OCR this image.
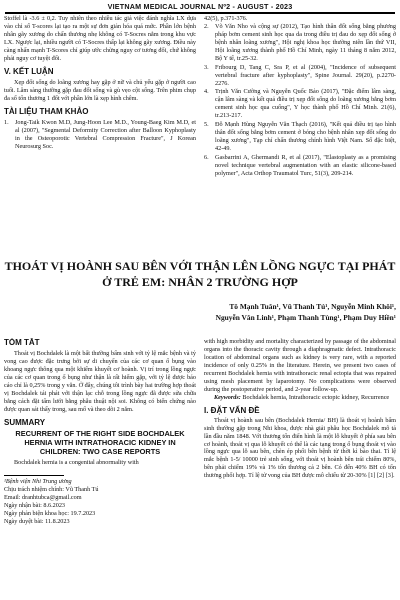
VIETNAM MEDICAL JOURNAL Nº2 - AUGUST - 2023

Stoffel là -3.6 ± 0,2. Tuy nhiên theo nhiều tác giả việc đánh nghĩa LX dựa vào chỉ số T-scores lại tạo ra một sự đơn giản hóa quá mức. Phần lớn bệnh nhân gãy xương do chấn thương nhẹ không có T-Socres nằm trong khu vực LX. Ngược lại, nhiều người có T-Socres thấp lại không gãy xương. Điều này càng nhấn mạnh T-Scores chỉ giúp ước chừng nguy cơ tương đối, chứ không phải nguy cơ tuyệt đối.

V. KẾT LUẬN

Xẹp đốt sống do loãng xương hay gặp ở nữ và chủ yếu gặp ở người cao tuổi. Lâm sàng thường gặp đau đốt sống và gù vẹo cột sống. Trên phim chụp đa số tổn thương 1 đốt với phần lớn là xẹp hình chêm.

TÀI LIỆU THAM KHẢO
1.	Jong-Taik Kwon M.D, Jung-Hoon Lee M.D., Young-Baeg Kim M.D, et al (2007), "Segmental Deformity Correction after Balloon Kyphoplasty in the Osteoporotic Vertebral Compression Fracture", J Korean Neurosurg Soc.

42(5), p.371-376.

2.	Võ Văn Nho và cộng sự (2012), Tạo hình thân đốt sống bằng phương pháp bơm cement sinh học qua da trong điều trị đau do xẹp đốt sống ở bệnh nhân loãng xương", Hội nghị khoa học thường niên lần thứ VII, Hội loãng xương thành phố Hồ Chí Minh, ngày 11 tháng 8 năm 2012, Bộ Y tế, tr.25-32.
3.	Fribourg D, Tang C, Sra P, et al (2004), "Incidence of subsequent vertebral fracture after kyphoplasty", Spine Journal. 29(20), p.2270-2276.
4.	Trịnh Văn Cường và Nguyễn Quốc Bảo (2017), "Đặc điểm lâm sàng, cận lâm sàng và kết quả điều trị xẹp đốt sống do loãng xương bằng bơm cement sinh học qua cuống", Y học thành phố Hồ Chí Minh. 21(6), tr.213-217.
5.	Đỗ Mạnh Hùng Nguyễn Văn Thạch (2016), "Kết quả điều trị tạo hình thân đốt sống bằng bơm cement ở bóng cho bệnh nhân xẹp đốt sống do loãng xương", Tạp chí chấn thương chỉnh hình Việt Nam. Số đặc biệt, 42-49.
6.	Gasbarrini A, Ghermandi R, et al (2017), "Elastoplasty as a promising novel technique vertebral augmentation with an elastic silicone-based polymer", Acta Orthop Traumatol Turc, 51(3), 209-214.
THOÁT VỊ HOÀNH SAU BÊN VỚI THẬN LÊN LỒNG NGỰC TẠI PHÁT Ở TRẺ EM: NHÂN 2 TRƯỜNG HỢP
Tô Mạnh Tuân¹, Vũ Thanh Tú¹, Nguyễn Minh Khôi¹,
Nguyễn Văn Linh¹, Phạm Thanh Tùng¹, Phạm Duy Hiền¹
TÓM TẮT

Thoát vị Bochdalek là một bất thường bẩm sinh với tỷ lệ mắc bệnh và tỷ vong cao được đặc trưng bởi sự di chuyển của các cơ quan ổ bụng vào khoang ngực thông qua một khiếm khuyết cơ hoành. Vị trí trong lồng ngực của các cơ quan trong ổ bụng như thận là rất hiếm gặp, với tỷ lệ được báo cáo chỉ là 0,25% trong y văn. Ở đây, chúng tôi trình bày hai trường hợp thoát vị Bochdalek tái phát với thận lạc chỗ trong lồng ngực đã được sửa chữa bằng cách đặt tấm lưới bằng phẫu thuật nội soi. Không có biến chứng nào được quan sát thấy trong, sau mổ và theo dõi 2 năm.

SUMMARY
RECURRENT OF THE RIGHT SIDE BOCHDALEK HERNIA WITH INTRATHORACIC KIDNEY IN CHILDREN: TWO CASE REPORTS

Bochdalek hernia is a congenital abnormality with

¹Bệnh viện Nhi Trung ương
Chịu trách nhiệm chính: Vũ Thanh Tú
Email: dranhtubca@gmail.com
Ngày nhận bài: 8.6.2023
Ngày phản biện khoa học: 19.7.2023
Ngày duyệt bài: 11.8.2023

with high morbidity and mortality characterized by passage of the abdominal organs into the thoracic cavity through a diaphragmatic defect. Intrathoracic location of abdominal organs such as kidney is very rare, with a reported incidence of only 0.25% in the literature. Herein, we present two cases of recurrent Bochdalek hernia with intrathoracic renal ectopia that was repaired using mesh placement by laparotomy. No complications were observed during the postoperative period, and 2-year follow-up.

Keywords: Bochdalek hernia, Intrathoracic ectopic kidney, Recurrence

I. ĐẶT VẤN ĐỀ

Thoát vị hoành sau bên (Bochdalek Hernia/ BH) là thoát vị hoành bẩm sinh thường gặp trong Nhi khoa, được nhà giải phẫu học Bochdalek mô tả lần đầu năm 1848. Với thương tổn điển hình là một lỗ khuyết ở phía sau bên cơ hoành, thoát vị qua lỗ khuyết có thể là các tạng trong ổ bụng thoát vị vào lồng ngực qua lỗ sau bên, chèn ép phổi bên bệnh từ thời kì bào thai. Tỉ lệ mắc bệnh 1-5/ 10000 trẻ sinh sống, với thoát vị hoành bên trái chiếm 80%, bên phải chiếm 19% và 1% tổn thương cả 2 bên. Có đến 40% BH có tổn thương phối hợp. Tỉ lệ tử vong của BH được mô chiếu từ 20-30% [1] [2] [3].
